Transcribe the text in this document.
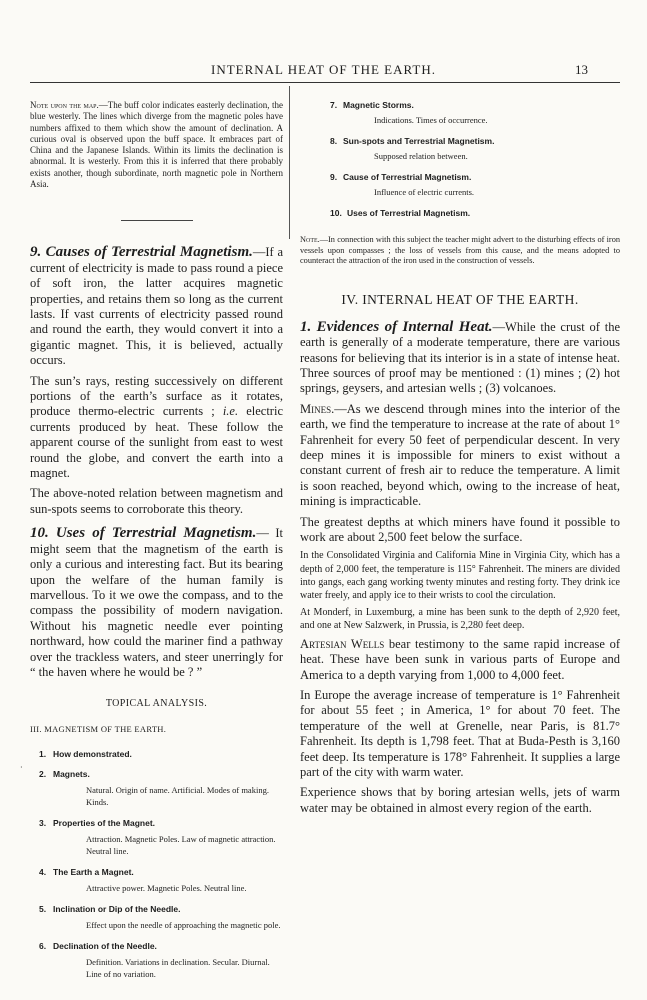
INTERNAL HEAT OF THE EARTH.	13
·

Note upon the map.—The buff color indicates easterly declination, the blue westerly. The lines which diverge from the magnetic poles have numbers affixed to them which show the amount of declination. A curious oval is observed upon the buff space. It embraces part of China and the Japanese Islands. Within its limits the declination is abnormal. It is westerly. From this it is inferred that there probably exists another, though subordinate, north magnetic pole in Northern Asia.

9. Causes of Terrestrial Magnetism.—If a current of electricity is made to pass round a piece of soft iron, the latter acquires magnetic properties, and retains them so long as the current lasts. If vast currents of electricity passed round and round the earth, they would convert it into a gigantic magnet. This, it is believed, actually occurs.

The sun’s rays, resting successively on different portions of the earth’s surface as it rotates, produce thermo-electric currents ; i.e. electric currents produced by heat. These follow the apparent course of the sunlight from east to west round the globe, and convert the earth into a magnet.

The above-noted relation between magnetism and sun-spots seems to corroborate this theory.

10. Uses of Terrestrial Magnetism.— It might seem that the magnetism of the earth is only a curious and interesting fact. But its bearing upon the welfare of the human family is marvellous. To it we owe the compass, and to the compass the possibility of modern navigation. Without his magnetic needle ever pointing northward, how could the mariner find a pathway over the trackless waters, and steer unerringly for “ the haven where he would be ? ”

TOPICAL ANALYSIS.
III. MAGNETISM OF THE EARTH.
1. How demonstrated.
2. Magnets.
Natural. Origin of name. Artificial. Modes of making. Kinds.
3. Properties of the Magnet.
Attraction. Magnetic Poles. Law of magnetic attraction. Neutral line.
4. The Earth a Magnet.
Attractive power. Magnetic Poles. Neutral line.
5. Inclination or Dip of the Needle.
Effect upon the needle of approaching the magnetic pole.
6. Declination of the Needle.
Definition. Variations in declination. Secular. Diurnal. Line of no variation.
7. Magnetic Storms.
Indications. Times of occurrence.
8. Sun-spots and Terrestrial Magnetism.
Supposed relation between.
9. Cause of Terrestrial Magnetism.
Influence of electric currents.
10. Uses of Terrestrial Magnetism.

Note.—In connection with this subject the teacher might advert to the disturbing effects of iron vessels upon compasses ; the loss of vessels from this cause, and the means adopted to counteract the attraction of the iron used in the construction of vessels.

IV. INTERNAL HEAT OF THE EARTH.

1. Evidences of Internal Heat.—While the crust of the earth is generally of a moderate temperature, there are various reasons for believing that its interior is in a state of intense heat. Three sources of proof may be mentioned : (1) mines ; (2) hot springs, geysers, and artesian wells ; (3) volcanoes.

Mines.—As we descend through mines into the interior of the earth, we find the temperature to increase at the rate of about 1° Fahrenheit for every 50 feet of perpendicular descent. In very deep mines it is impossible for miners to exist without a constant current of fresh air to reduce the temperature. A limit is soon reached, beyond which, owing to the increase of heat, mining is impracticable.

The greatest depths at which miners have found it possible to work are about 2,500 feet below the surface.

In the Consolidated Virginia and California Mine in Virginia City, which has a depth of 2,000 feet, the temperature is 115° Fahrenheit. The miners are divided into gangs, each gang working twenty minutes and resting forty. They drink ice water freely, and apply ice to their wrists to cool the circulation.

At Monderf, in Luxemburg, a mine has been sunk to the depth of 2,920 feet, and one at New Salzwerk, in Prussia, is 2,280 feet deep.

Artesian Wells bear testimony to the same rapid increase of heat. These have been sunk in various parts of Europe and America to a depth varying from 1,000 to 4,000 feet.

In Europe the average increase of temperature is 1° Fahrenheit for about 55 feet ; in America, 1° for about 70 feet. The temperature of the well at Grenelle, near Paris, is 81.7° Fahrenheit. Its depth is 1,798 feet. That at Buda-Pesth is 3,160 feet deep. Its temperature is 178° Fahrenheit. It supplies a large part of the city with warm water.

Experience shows that by boring artesian wells, jets of warm water may be obtained in almost every region of the earth.
